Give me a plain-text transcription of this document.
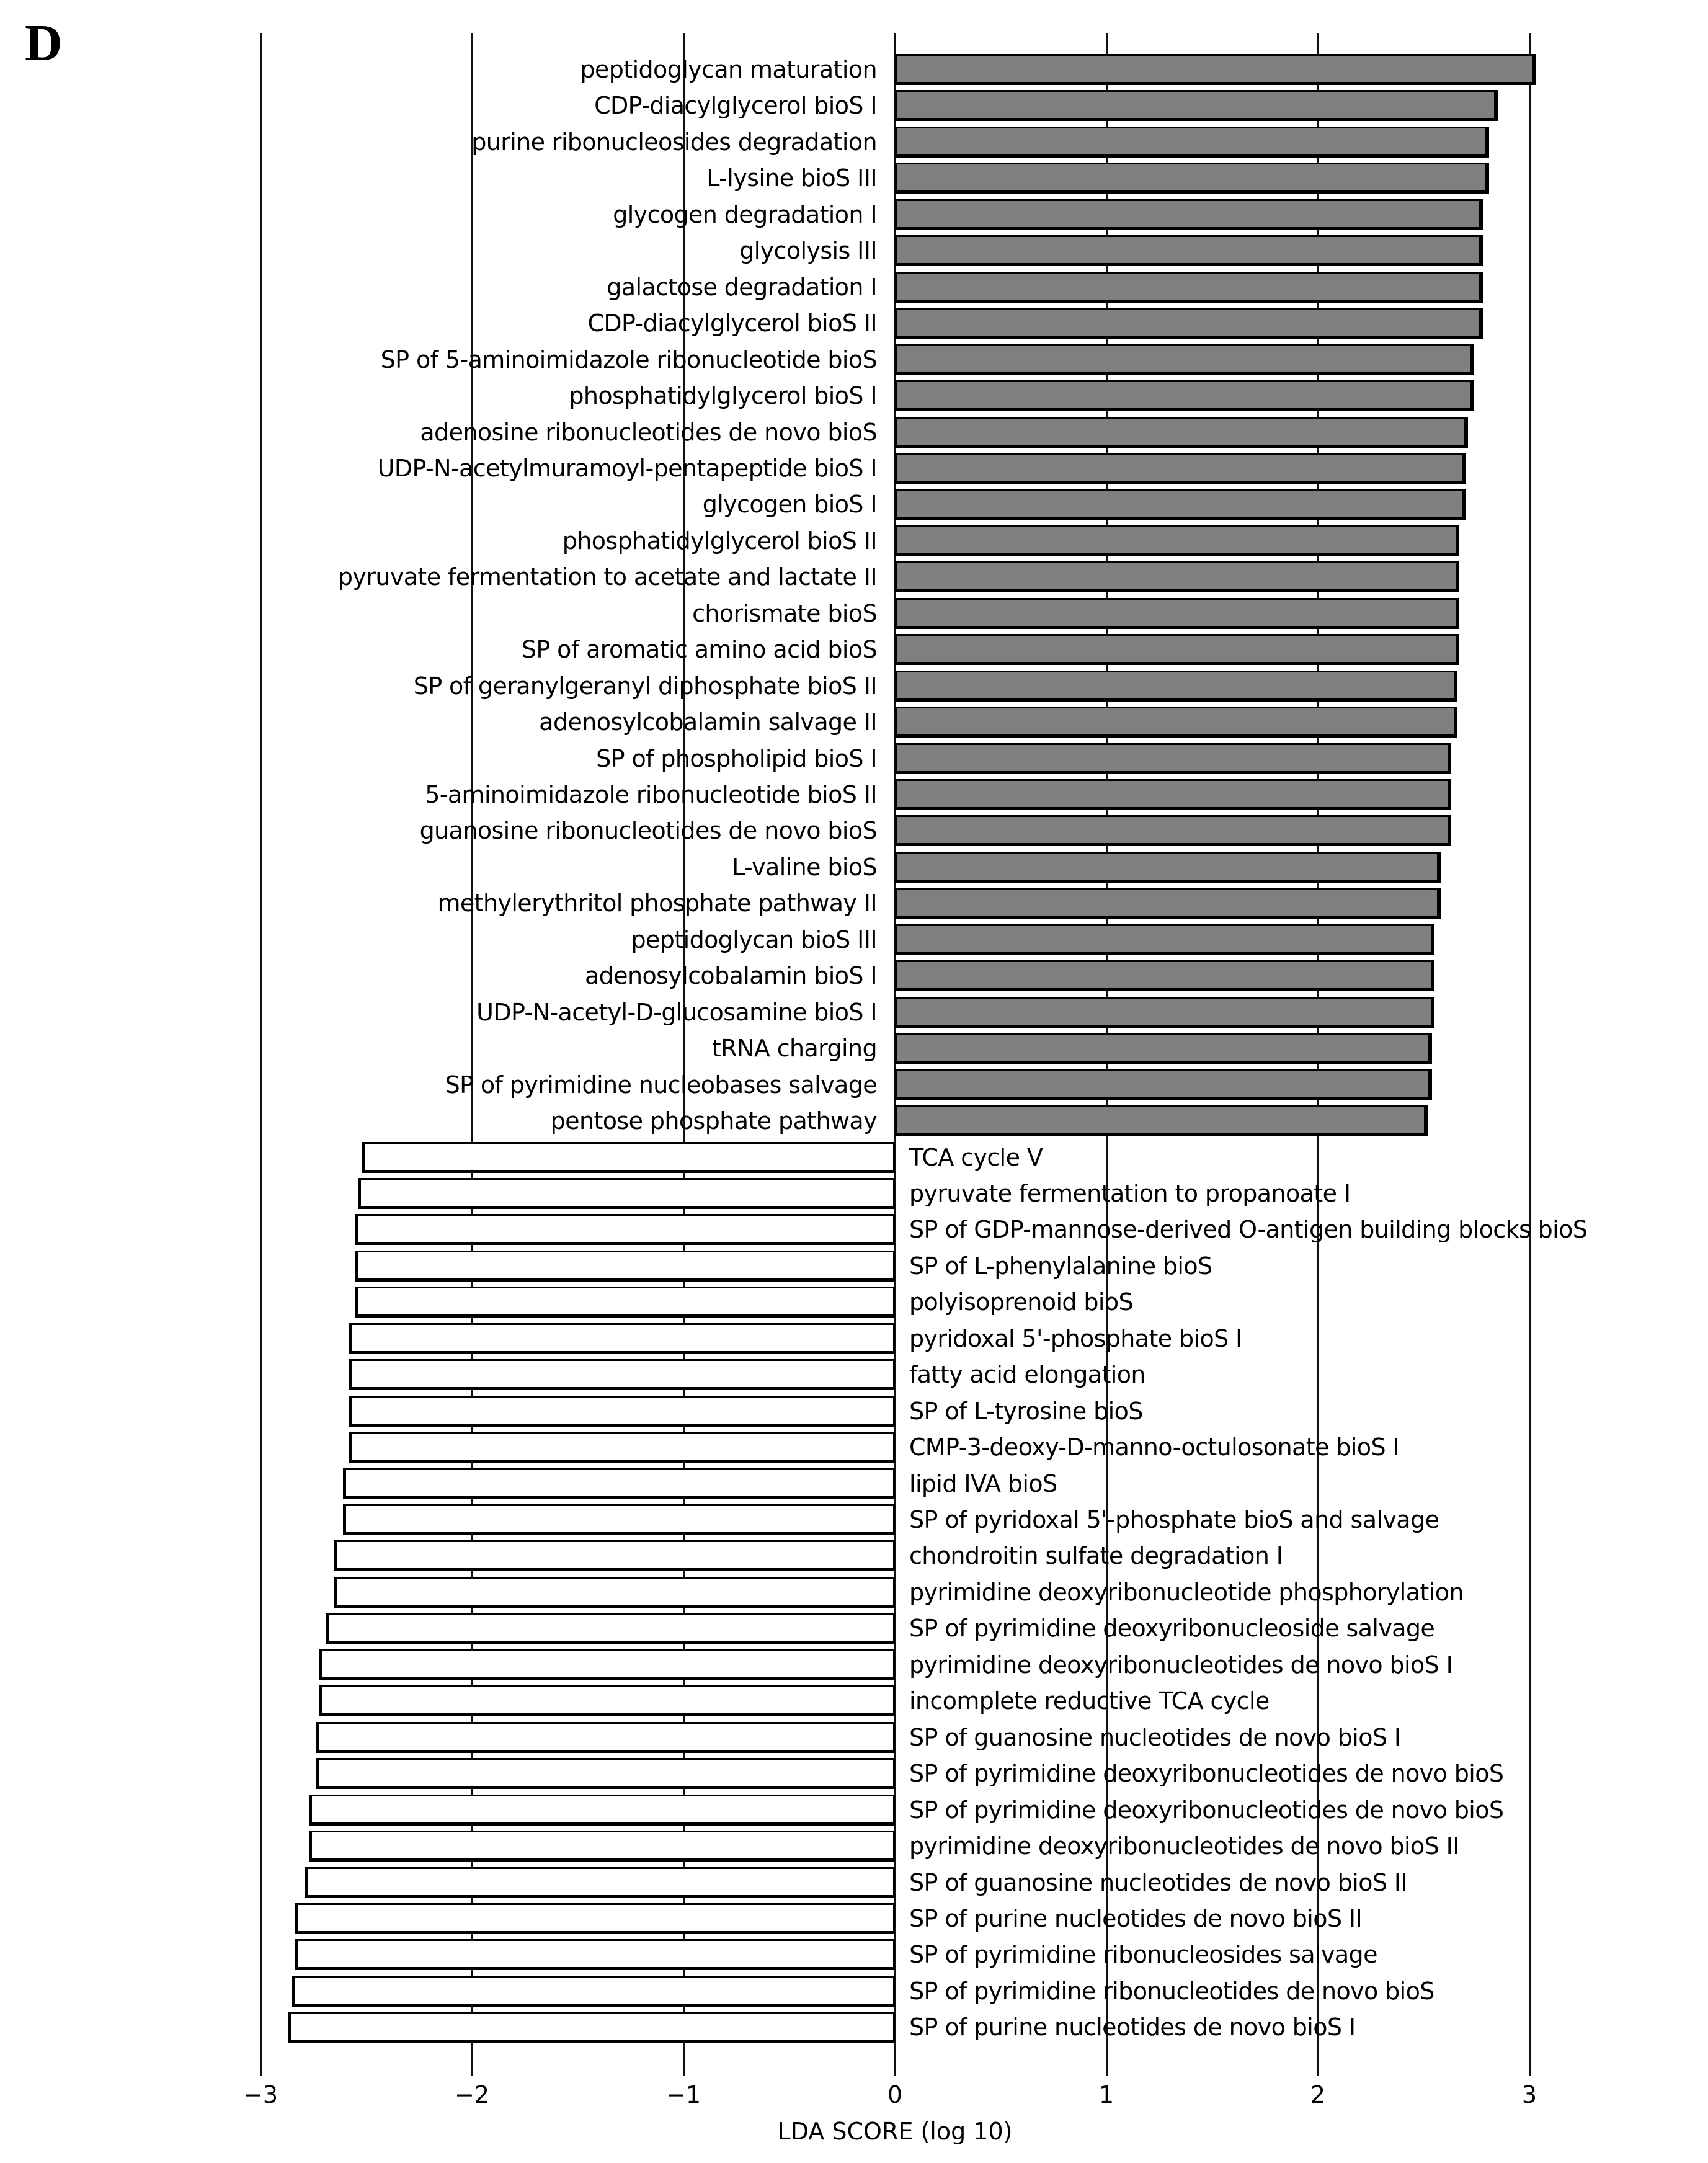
D	peptidoglycan maturation
CDP-diacylglycerol bioS I
purine ribonucleosides degradation
L-lysine bioS III
glycogen degradation I
glycolysis III
galactose degradation I
CDP-diacylglycerol bioS II
SP of 5-aminoimidazole ribonucleotide bioS
phosphatidylglycerol bioS I
adenosine ribonucleotides de novo bioS
UDP-N-acetylmuramoyl-pentapeptide bioS I
glycogen bioS I
phosphatidylglycerol bioS II
pyruvate fermentation to acetate and lactate II
chorismate bioS
SP of aromatic amino acid bioS
SP of geranylgeranyl diphosphate bioS II
adenosylcobalamin salvage II
SP of phospholipid bioS I
5-aminoimidazole ribonucleotide bioS II
guanosine ribonucleotides de novo bioS
L-valine bioS
methylerythritol phosphate pathway II
peptidoglycan bioS III
adenosylcobalamin bioS I
UDP-N-acetyl-D-glucosamine bioS I
tRNA charging
SP of pyrimidine nucleobases salvage
pentose phosphate pathway
TCA cycle V
pyruvate fermentation to propanoate I
SP of GDP-mannose-derived O-antigen building blocks bioS
SP of L-phenylalanine bioS
polyisoprenoid bioS
pyridoxal 5'-phosphate bioS I
fatty acid elongation
SP of L-tyrosine bioS
CMP-3-deoxy-D-manno-octulosonate bioS I
lipid IVA bioS
SP of pyridoxal 5'-phosphate bioS and salvage
chondroitin sulfate degradation I
pyrimidine deoxyribonucleotide phosphorylation
SP of pyrimidine deoxyribonucleoside salvage
pyrimidine deoxyribonucleotides de novo bioS I
incomplete reductive TCA cycle
SP of guanosine nucleotides de novo bioS I
SP of pyrimidine deoxyribonucleotides de novo bioS
SP of pyrimidine deoxyribonucleotides de novo bioS
pyrimidine deoxyribonucleotides de novo bioS II
SP of guanosine nucleotides de novo bioS II
SP of purine nucleotides de novo bioS II
SP of pyrimidine ribonucleosides salvage
SP of pyrimidine ribonucleotides de novo bioS
SP of purine nucleotides de novo bioS I
−3	−2	−1	0	1	2	3
LDA SCORE (log 10)
